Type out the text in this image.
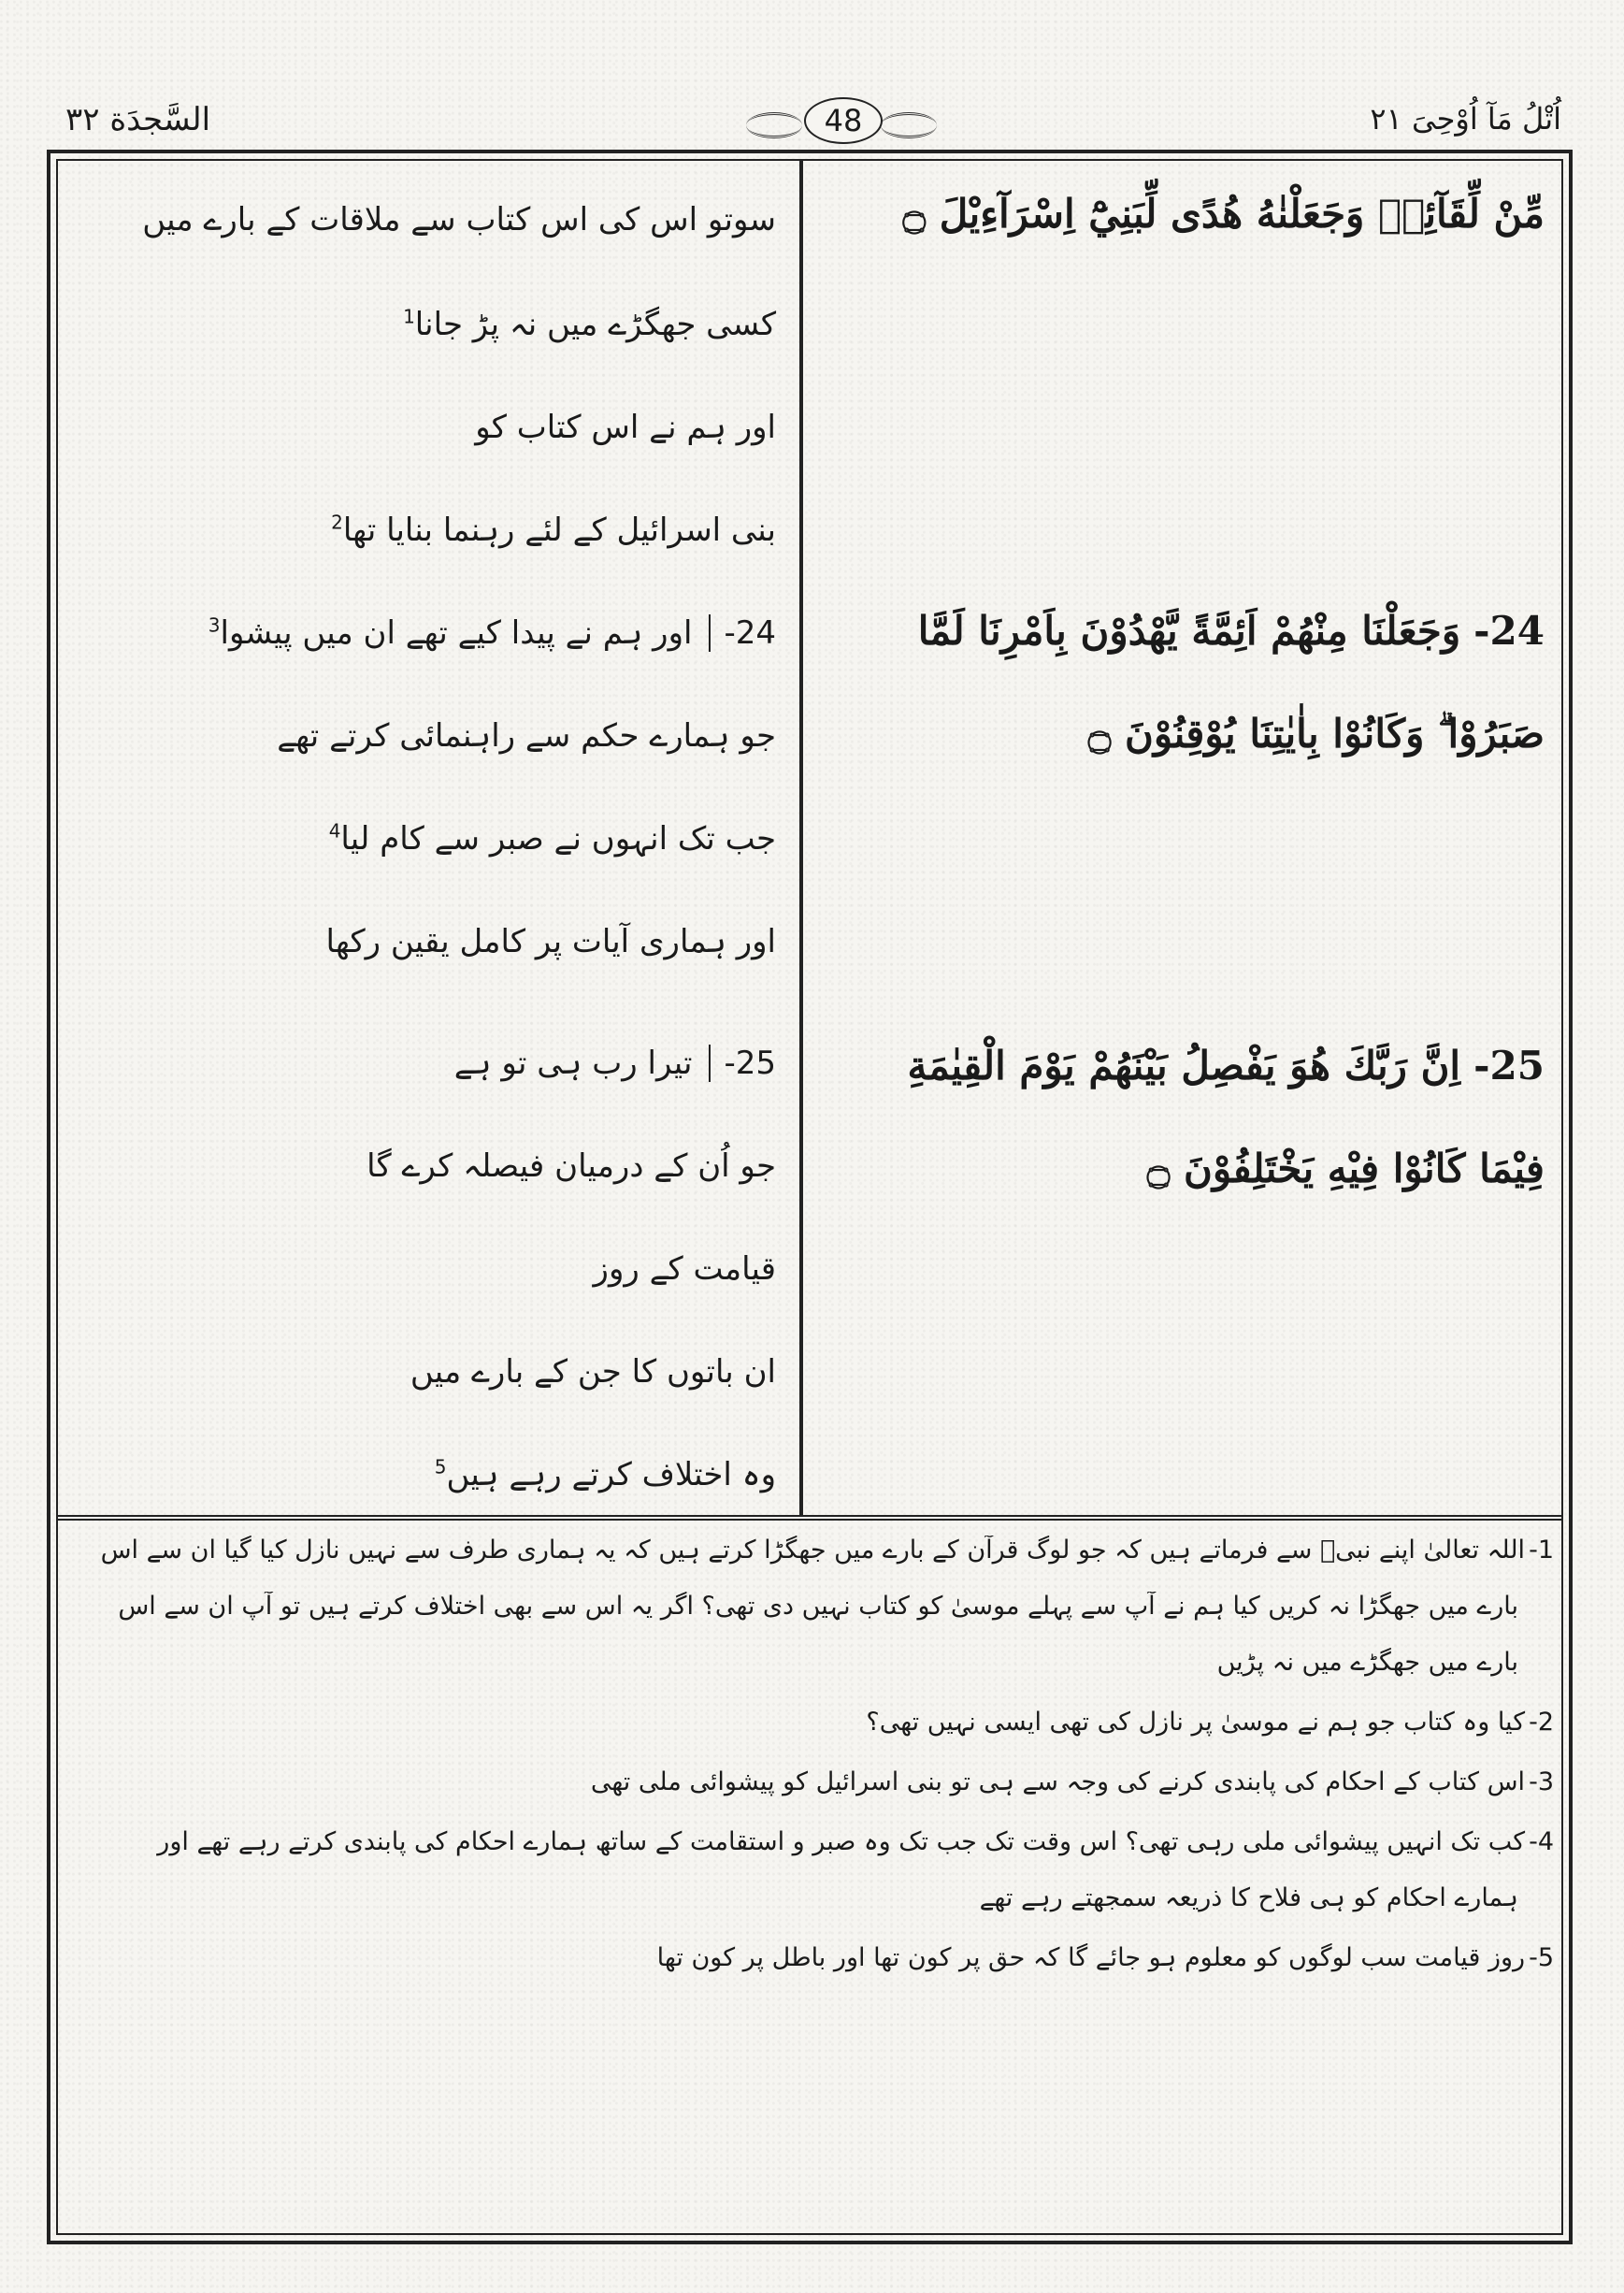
السَّجدَة ٣٢	48	اُتْلُ مَآ اُوْحِیَ ٢١
مِّنْ لِّقَآئِهٖ وَجَعَلْنٰهُ هُدًى لِّبَنِيْٓ اِسْرَآءِيْلَ ۝
24-وَجَعَلْنَا مِنْهُمْ اَئِمَّةً يَّهْدُوْنَ بِاَمْرِنَا لَمَّا
صَبَرُوْا ۗ وَكَانُوْا بِاٰيٰتِنَا يُوْقِنُوْنَ ۝
25-اِنَّ رَبَّكَ هُوَ يَفْصِلُ بَيْنَهُمْ يَوْمَ الْقِيٰمَةِ
فِيْمَا كَانُوْا فِيْهِ يَخْتَلِفُوْنَ ۝
سوتو اس کی اس کتاب سے ملاقات کے بارے میں
کسی جھگڑے میں نہ پڑ جانا$^1$
اور ہم نے اس کتاب کو
بنی اسرائیل کے لئے رہنما بنایا تھا$^2$
24-اور ہم نے پیدا کیے تھے ان میں پیشوا$^3$
جو ہمارے حکم سے راہنمائی کرتے تھے
جب تک انہوں نے صبر سے کام لیا$^4$
اور ہماری آیات پر کامل یقین رکھا
25-تیرا رب ہی تو ہے
جو اُن کے درمیان فیصلہ کرے گا
قیامت کے روز
ان باتوں کا جن کے بارے میں
وہ اختلاف کرتے رہے ہیں$^5$
1-اللہ تعالیٰ اپنے نبیؐ سے فرماتے ہیں کہ جو لوگ قرآن کے بارے میں جھگڑا کرتے ہیں کہ یہ ہماری طرف سے نہیں نازل کیا گیا ان سے اس
بارے میں جھگڑا نہ کریں کیا ہم نے آپ سے پہلے موسیٰ کو کتاب نہیں دی تھی؟ اگر یہ اس سے بھی اختلاف کرتے ہیں تو آپ ان سے اس
بارے میں جھگڑے میں نہ پڑیں
2-کیا وہ کتاب جو ہم نے موسیٰ پر نازل کی تھی ایسی نہیں تھی؟
3-اس کتاب کے احکام کی پابندی کرنے کی وجہ سے ہی تو بنی اسرائیل کو پیشوائی ملی تھی
4-کب تک انہیں پیشوائی ملی رہی تھی؟ اس وقت تک جب تک وہ صبر و استقامت کے ساتھ ہمارے احکام کی پابندی کرتے رہے تھے اور
ہمارے احکام کو ہی فلاح کا ذریعہ سمجھتے رہے تھے
5-روز قیامت سب لوگوں کو معلوم ہو جائے گا کہ حق پر کون تھا اور باطل پر کون تھا
